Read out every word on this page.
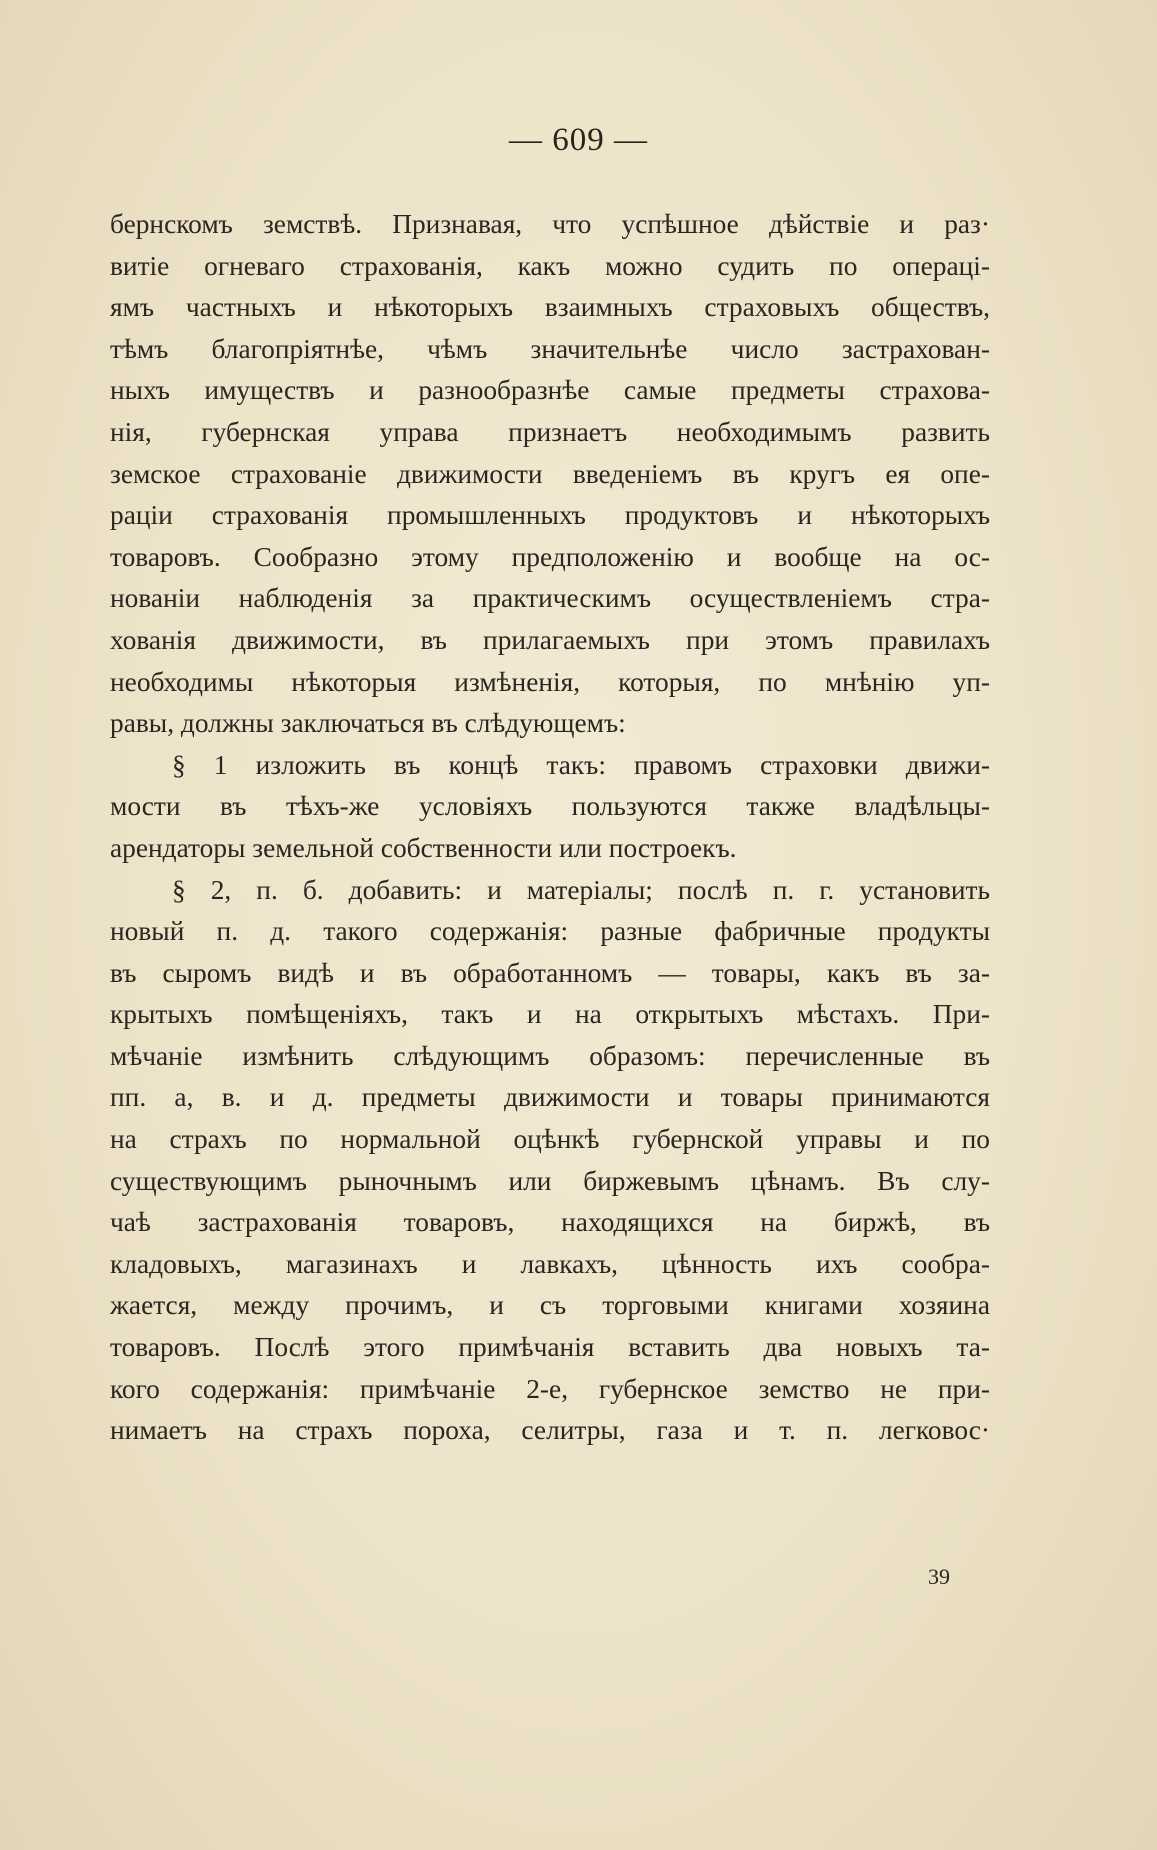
— 609 —
бернскомъ земствѣ. Признавая, что успѣшное дѣйствіе и раз·
витіе огневаго страхованія, какъ можно судить по операці-
ямъ частныхъ и нѣкоторыхъ взаимныхъ страховыхъ обществъ,
тѣмъ благопріятнѣе, чѣмъ значительнѣе число застрахован-
ныхъ имуществъ и разнообразнѣе самые предметы страхова-
нія, губернская управа признаетъ необходимымъ развить
земское страхованіе движимости введеніемъ въ кругъ ея опе-
раціи страхованія промышленныхъ продуктовъ и нѣкоторыхъ
товаровъ. Сообразно этому предположенію и вообще на ос-
нованіи наблюденія за практическимъ осуществленіемъ стра-
хованія движимости, въ прилагаемыхъ при этомъ правилахъ
необходимы нѣкоторыя измѣненія, которыя, по мнѣнію уп-
равы, должны заключаться въ слѣдующемъ:
§ 1 изложить въ концѣ такъ: правомъ страховки движи-
мости въ тѣхъ-же условіяхъ пользуются также владѣльцы-
арендаторы земельной собственности или построекъ.
§ 2, п. б. добавить: и матеріалы; послѣ п. г. установить
новый п. д. такого содержанія: разные фабричные продукты
въ сыромъ видѣ и въ обработанномъ — товары, какъ въ за-
крытыхъ помѣщеніяхъ, такъ и на открытыхъ мѣстахъ. При-
мѣчаніе измѣнить слѣдующимъ образомъ: перечисленные въ
пп. а, в. и д. предметы движимости и товары принимаются
на страхъ по нормальной оцѣнкѣ губернской управы и по
существующимъ рыночнымъ или биржевымъ цѣнамъ. Въ слу-
чаѣ застрахованія товаровъ, находящихся на биржѣ, въ
кладовыхъ, магазинахъ и лавкахъ, цѣнность ихъ сообра-
жается, между прочимъ, и съ торговыми книгами хозяина
товаровъ. Послѣ этого примѣчанія вставить два новыхъ та-
кого содержанія: примѣчаніе 2-е, губернское земство не при-
нимаетъ на страхъ пороха, селитры, газа и т. п. легковос·
39
